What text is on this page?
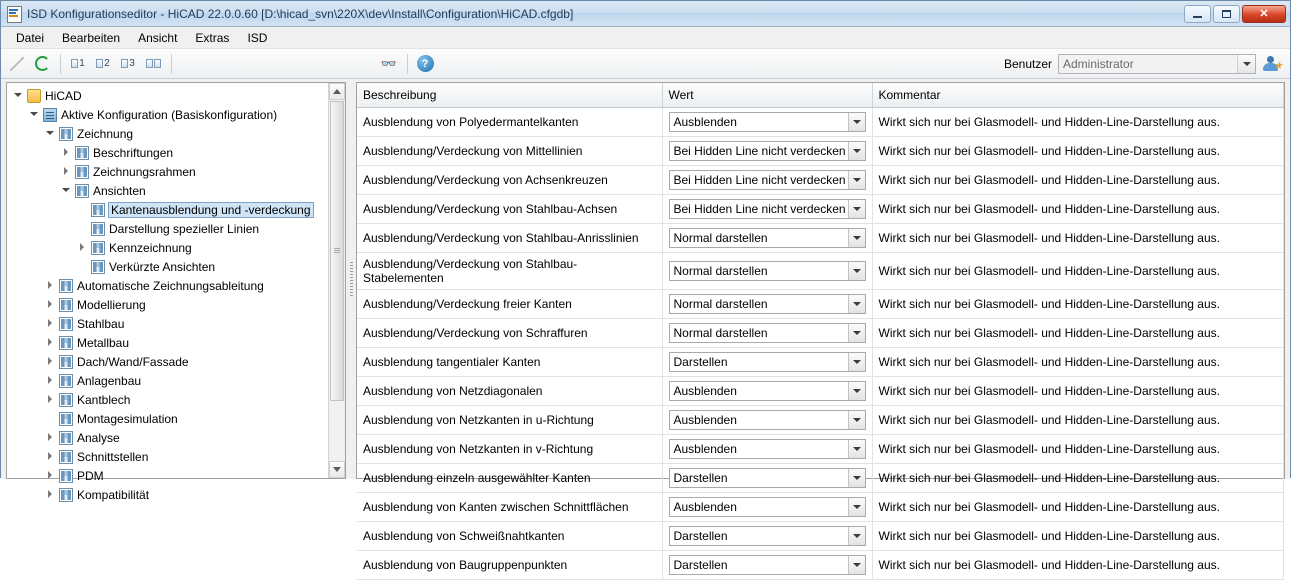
ISD Konfigurationseditor - HiCAD 22.0.0.60 [D:\hicad_svn\220X\dev\Install\Configuration\HiCAD.cfgdb]	✕
Datei	Bearbeiten	Ansicht	Extras	ISD
1	2	3	👓	?	Benutzer Administrator	★
HiCAD
Aktive Konfiguration (Basiskonfiguration)
Zeichnung
Beschriftungen
Zeichnungsrahmen
Ansichten
Kantenausblendung und -verdeckung
Darstellung spezieller Linien
Kennzeichnung
Verkürzte Ansichten
Automatische Zeichnungsableitung
Modellierung
Stahlbau
Metallbau
Dach/Wand/Fassade
Anlagenbau
Kantblech
Montagesimulation
Analyse
Schnittstellen
PDM
Kompatibilität
Beschreibung	Wert	Kommentar
Ausblendung von Polyedermantelkanten	Ausblenden	Wirkt sich nur bei Glasmodell- und Hidden-Line-Darstellung aus.
Ausblendung/Verdeckung von Mittellinien	Bei Hidden Line nicht verdecken	Wirkt sich nur bei Glasmodell- und Hidden-Line-Darstellung aus.
Ausblendung/Verdeckung von Achsenkreuzen	Bei Hidden Line nicht verdecken	Wirkt sich nur bei Glasmodell- und Hidden-Line-Darstellung aus.
Ausblendung/Verdeckung von Stahlbau-Achsen	Bei Hidden Line nicht verdecken	Wirkt sich nur bei Glasmodell- und Hidden-Line-Darstellung aus.
Ausblendung/Verdeckung von Stahlbau-Anrisslinien	Normal darstellen	Wirkt sich nur bei Glasmodell- und Hidden-Line-Darstellung aus.
Ausblendung/Verdeckung von Stahlbau-Stabelementen	Normal darstellen	Wirkt sich nur bei Glasmodell- und Hidden-Line-Darstellung aus.
Ausblendung/Verdeckung freier Kanten	Normal darstellen	Wirkt sich nur bei Glasmodell- und Hidden-Line-Darstellung aus.
Ausblendung/Verdeckung von Schraffuren	Normal darstellen	Wirkt sich nur bei Glasmodell- und Hidden-Line-Darstellung aus.
Ausblendung tangentialer Kanten	Darstellen	Wirkt sich nur bei Glasmodell- und Hidden-Line-Darstellung aus.
Ausblendung von Netzdiagonalen	Ausblenden	Wirkt sich nur bei Glasmodell- und Hidden-Line-Darstellung aus.
Ausblendung von Netzkanten in u-Richtung	Ausblenden	Wirkt sich nur bei Glasmodell- und Hidden-Line-Darstellung aus.
Ausblendung von Netzkanten in v-Richtung	Ausblenden	Wirkt sich nur bei Glasmodell- und Hidden-Line-Darstellung aus.
Ausblendung einzeln ausgewählter Kanten	Darstellen	Wirkt sich nur bei Glasmodell- und Hidden-Line-Darstellung aus.
Ausblendung von Kanten zwischen Schnittflächen	Ausblenden	Wirkt sich nur bei Glasmodell- und Hidden-Line-Darstellung aus.
Ausblendung von Schweißnahtkanten	Darstellen	Wirkt sich nur bei Glasmodell- und Hidden-Line-Darstellung aus.
Ausblendung von Baugruppenpunkten	Darstellen	Wirkt sich nur bei Glasmodell- und Hidden-Line-Darstellung aus.
